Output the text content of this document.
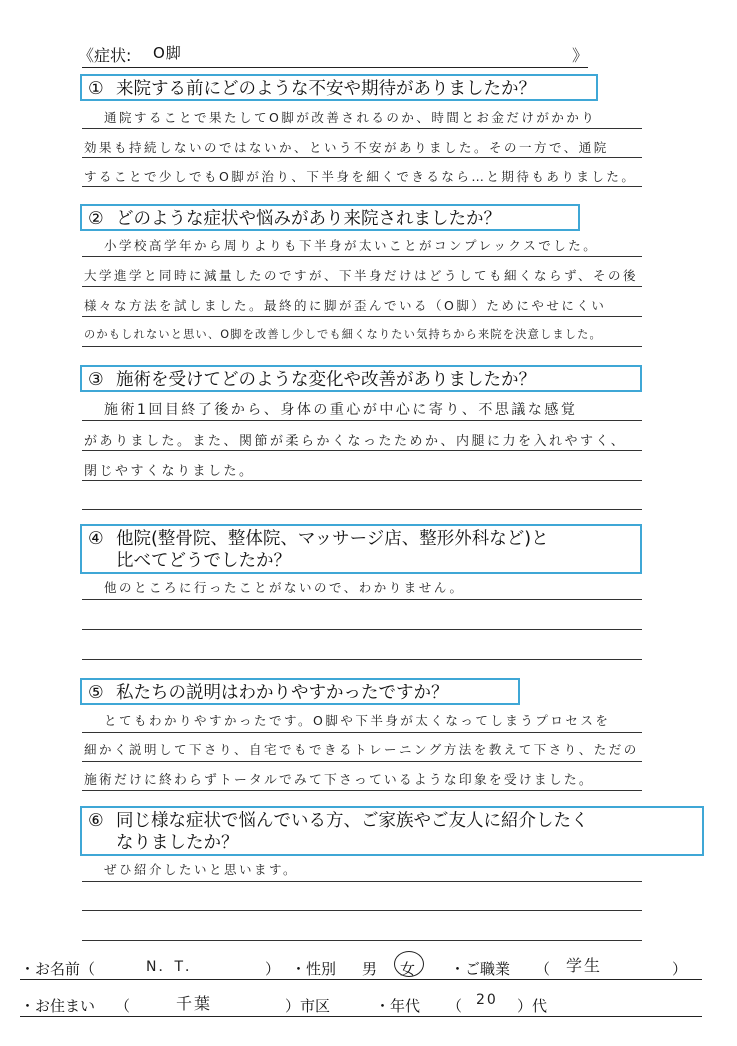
《症状: O脚	》
① 来院する前にどのような不安や期待がありましたか？
通院することで果たしてO脚が改善されるのか、時間とお金だけがかかり
効果も持続しないのではないか、という不安がありました。その一方で、通院
することで少しでもO脚が治り、下半身を細くできるなら…と期待もありました。
② どのような症状や悩みがあり来院されましたか？
小学校高学年から周りよりも下半身が太いことがコンプレックスでした。
大学進学と同時に減量したのですが、下半身だけはどうしても細くならず、その後
様々な方法を試しました。最終的に脚が歪んでいる（O脚）ためにやせにくい
のかもしれないと思い、O脚を改善し少しでも細くなりたい気持ちから来院を決意しました。
③ 施術を受けてどのような変化や改善がありましたか？
施術1回目終了後から、身体の重心が中心に寄り、不思議な感覚
がありました。また、関節が柔らかくなったためか、内腿に力を入れやすく、
閉じやすくなりました。
④ 他院(整骨院、整体院、マッサージ店、整形外科など)と
比べてどうでしたか？
他のところに行ったことがないので、わかりません。
⑤ 私たちの説明はわかりやすかったですか？
とてもわかりやすかったです。O脚や下半身が太くなってしまうプロセスを
細かく説明して下さり、自宅でもできるトレーニング方法を教えて下さり、ただの
施術だけに終わらずトータルでみて下さっているような印象を受けました。
⑥ 同じ様な症状で悩んでいる方、ご家族やご友人に紹介したく
なりましたか？
ぜひ紹介したいと思います。
・お名前（	N．T．	） ・性別 男 女 ・ご職業 （ 学生	）
・お住まい （	千葉	）市区	・年代 （ 20 ）代
